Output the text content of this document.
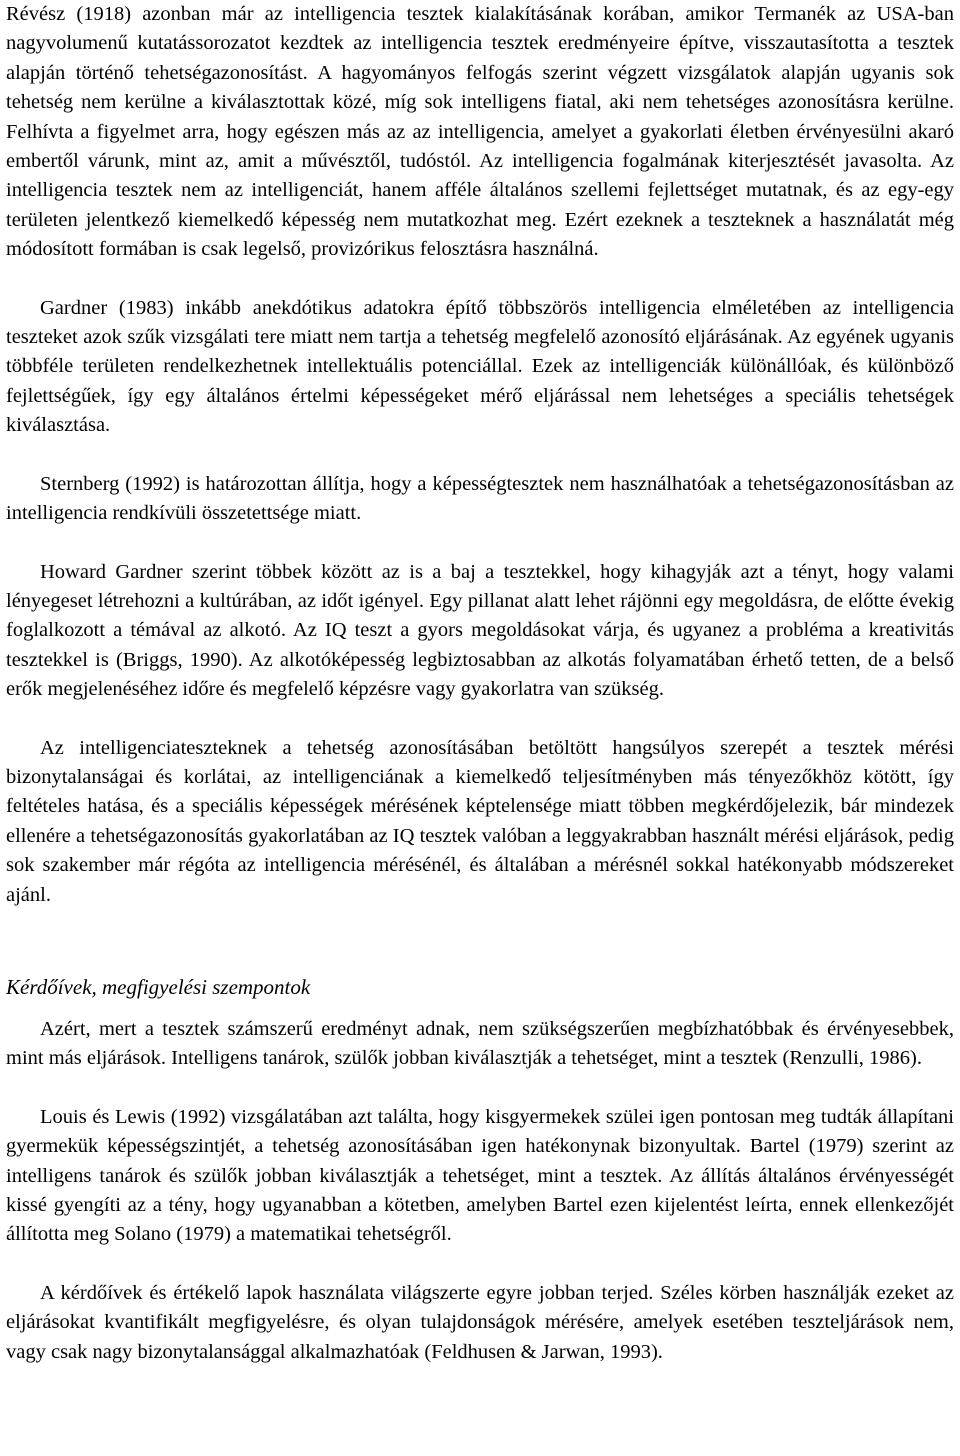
Révész (1918) azonban már az intelligencia tesztek kialakításának korában, amikor Termanék az USA-ban nagyvolumenű kutatássorozatot kezdtek az intelligencia tesztek eredményeire építve, visszautasította a tesztek alapján történő tehetségazonosítást. A hagyományos felfogás szerint végzett vizsgálatok alapján ugyanis sok tehetség nem kerülne a kiválasztottak közé, míg sok intelligens fiatal, aki nem tehetséges azonosításra kerülne. Felhívta a figyelmet arra, hogy egészen más az az intelligencia, amelyet a gyakorlati életben érvényesülni akaró embertől várunk, mint az, amit a művésztől, tudóstól. Az intelligencia fogalmának kiterjesztését javasolta. Az intelligencia tesztek nem az intelligenciát, hanem afféle általános szellemi fejlettséget mutatnak, és az egy-egy területen jelentkező kiemelkedő képesség nem mutatkozhat meg. Ezért ezeknek a teszteknek a használatát még módosított formában is csak legelső, provizórikus felosztásra használná.

Gardner (1983) inkább anekdótikus adatokra építő többszörös intelligencia elméletében az intelligencia teszteket azok szűk vizsgálati tere miatt nem tartja a tehetség megfelelő azonosító eljárásának. Az egyének ugyanis többféle területen rendelkezhetnek intellektuális potenciállal. Ezek az intelligenciák különállóak, és különböző fejlettségűek, így egy általános értelmi képességeket mérő eljárással nem lehetséges a speciális tehetségek kiválasztása.

Sternberg (1992) is határozottan állítja, hogy a képességtesztek nem használhatóak a tehetségazonosításban az intelligencia rendkívüli összetettsége miatt.

Howard Gardner szerint többek között az is a baj a tesztekkel, hogy kihagyják azt a tényt, hogy valami lényegeset létrehozni a kultúrában, az időt igényel. Egy pillanat alatt lehet rájönni egy megoldásra, de előtte évekig foglalkozott a témával az alkotó. Az IQ teszt a gyors megoldásokat várja, és ugyanez a probléma a kreativitás tesztekkel is (Briggs, 1990). Az alkotóképesség legbiztosabban az alkotás folyamatában érhető tetten, de a belső erők megjelenéséhez időre és megfelelő képzésre vagy gyakorlatra van szükség.

Az intelligenciateszteknek a tehetség azonosításában betöltött hangsúlyos szerepét a tesztek mérési bizonytalanságai és korlátai, az intelligenciának a kiemelkedő teljesítményben más tényezőkhöz kötött, így feltételes hatása, és a speciális képességek mérésének képtelensége miatt többen megkérdőjelezik, bár mindezek ellenére a tehetségazonosítás gyakorlatában az IQ tesztek valóban a leggyakrabban használt mérési eljárások, pedig sok szakember már régóta az intelligencia mérésénél, és általában a mérésnél sokkal hatékonyabb módszereket ajánl.

Kérdőívek, megfigyelési szempontok

Azért, mert a tesztek számszerű eredményt adnak, nem szükségszerűen megbízhatóbbak és érvényesebbek, mint más eljárások. Intelligens tanárok, szülők jobban kiválasztják a tehetséget, mint a tesztek (Renzulli, 1986).

Louis és Lewis (1992) vizsgálatában azt találta, hogy kisgyermekek szülei igen pontosan meg tudták állapítani gyermekük képességszintjét, a tehetség azonosításában igen hatékonynak bizonyultak. Bartel (1979) szerint az intelligens tanárok és szülők jobban kiválasztják a tehetséget, mint a tesztek. Az állítás általános érvényességét kissé gyengíti az a tény, hogy ugyanabban a kötetben, amelyben Bartel ezen kijelentést leírta, ennek ellenkezőjét állította meg Solano (1979) a matematikai tehetségről.

A kérdőívek és értékelő lapok használata világszerte egyre jobban terjed. Széles körben használják ezeket az eljárásokat kvantifikált megfigyelésre, és olyan tulajdonságok mérésére, amelyek esetében teszteljárások nem, vagy csak nagy bizonytalansággal alkalmazhatóak (Feldhusen & Jarwan, 1993).
